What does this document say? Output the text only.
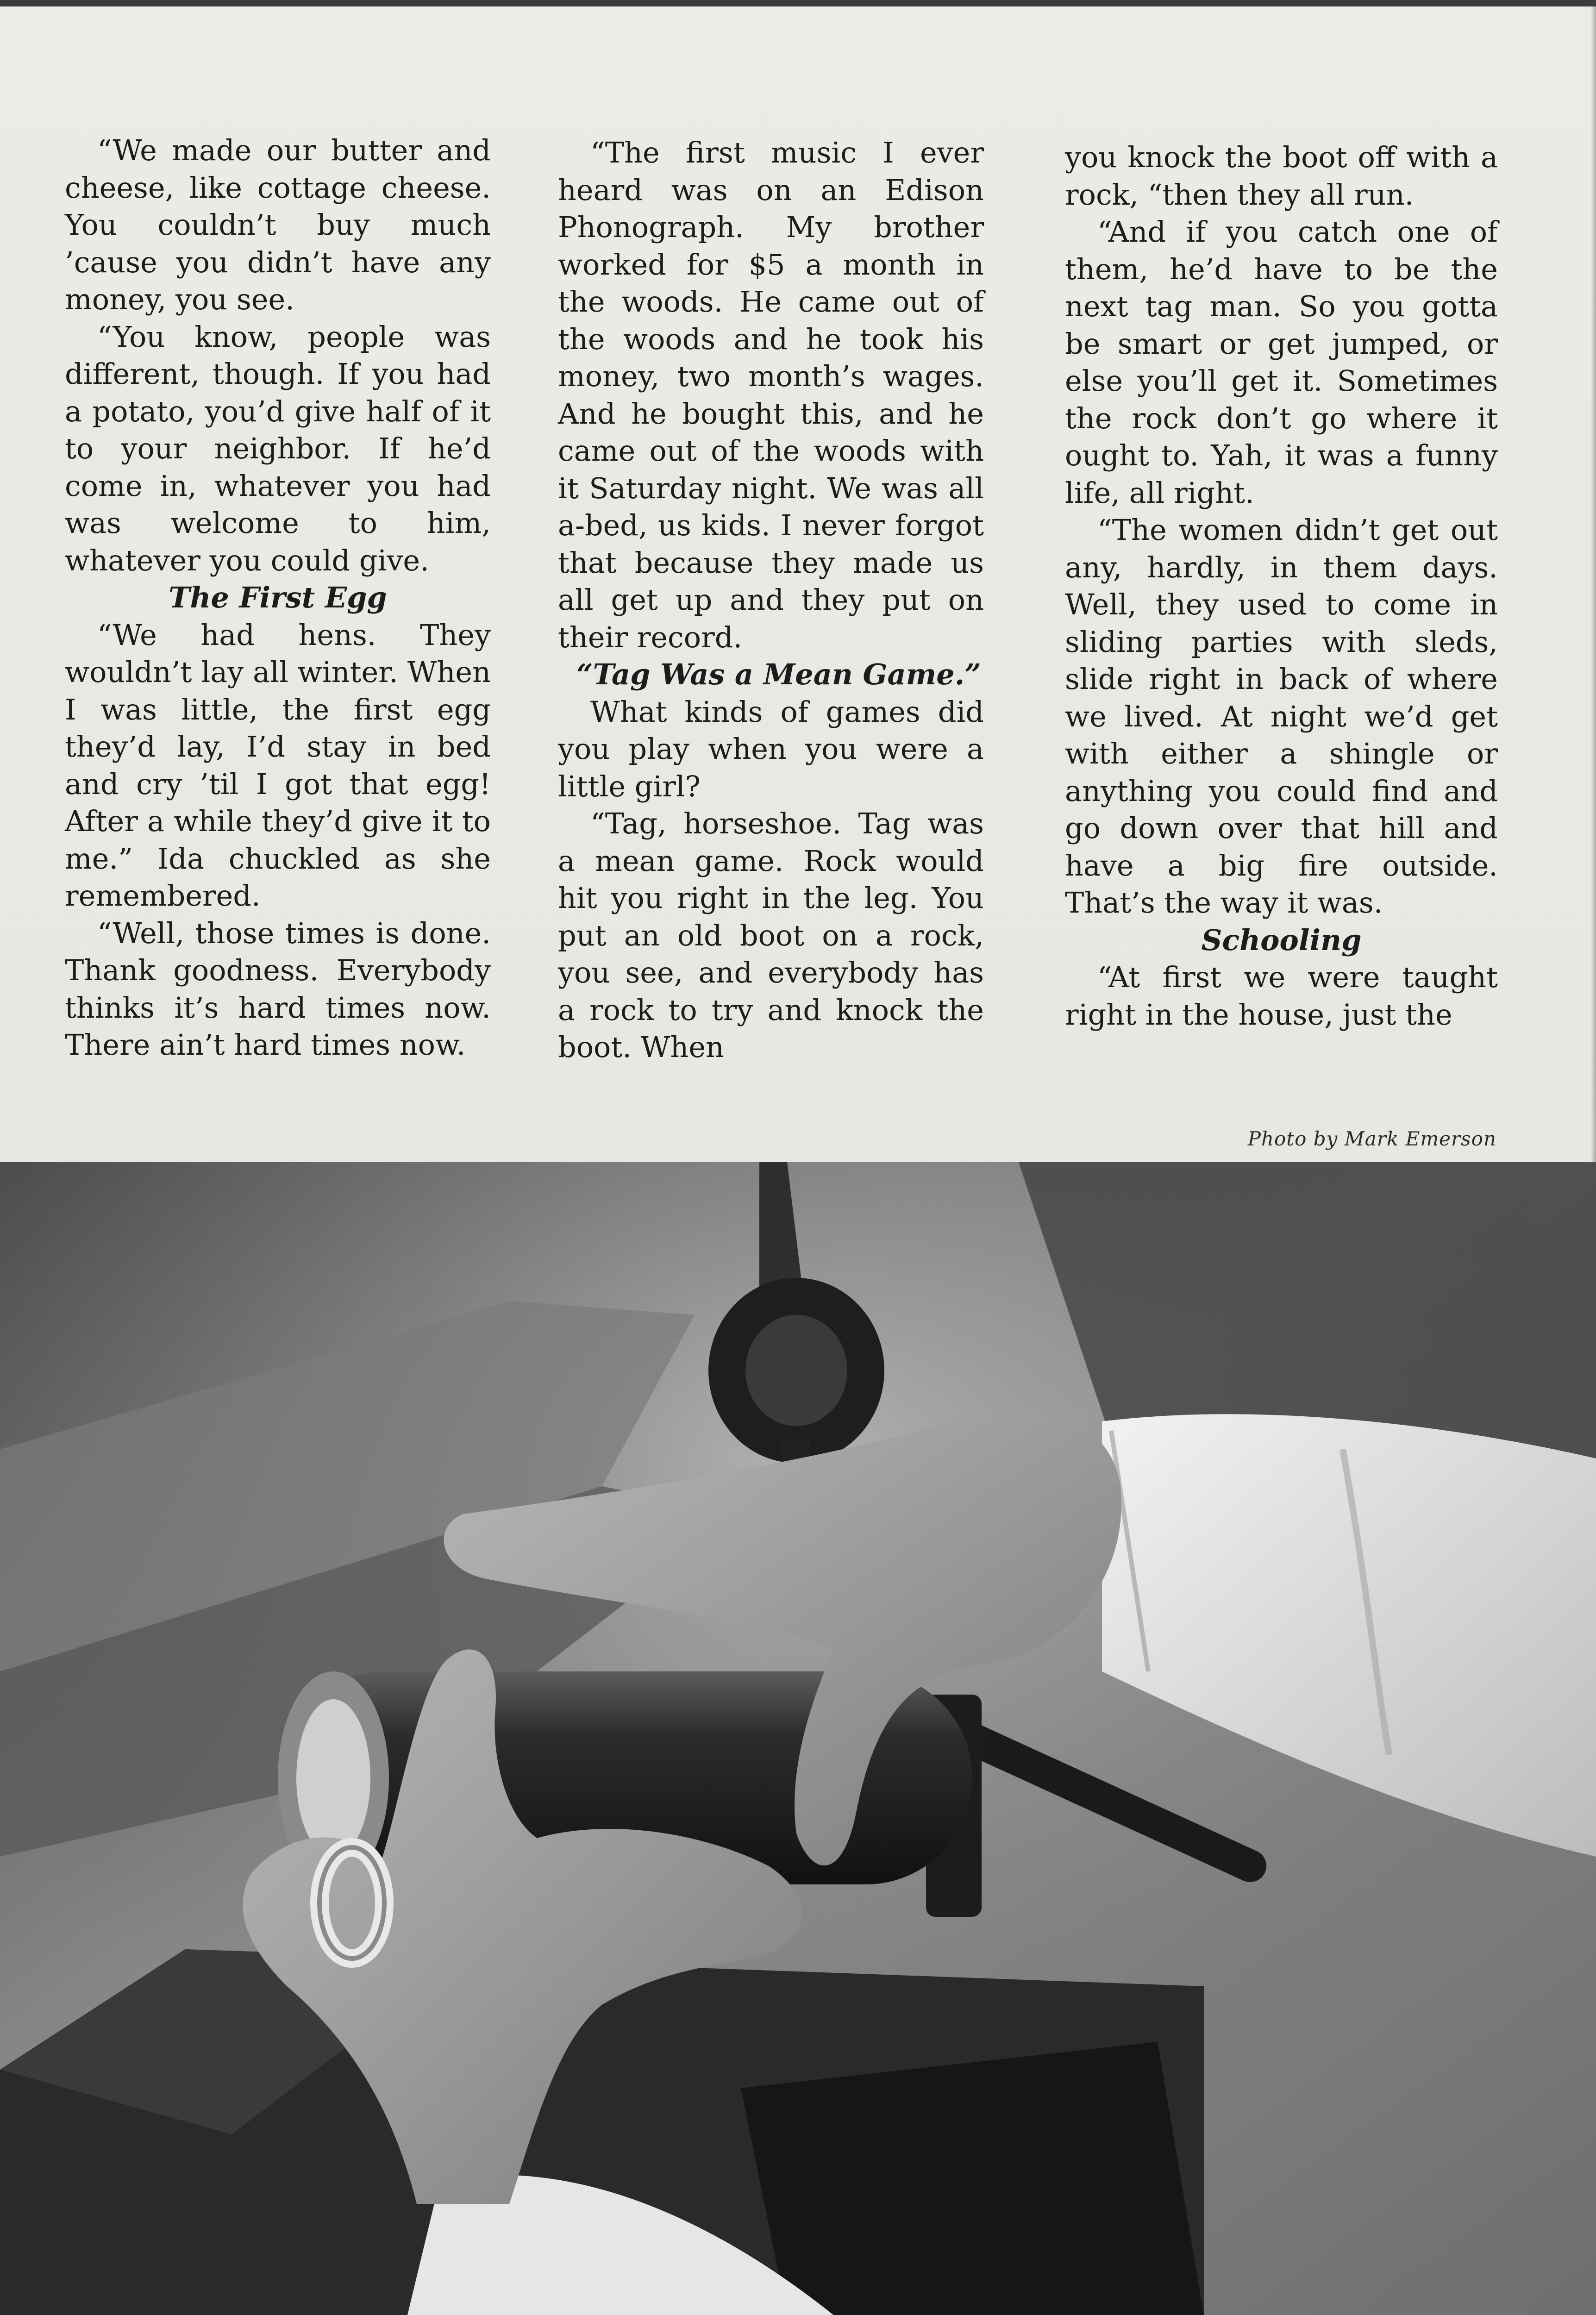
“We made our butter and cheese, like cottage cheese. You couldn’t buy much ’cause you didn’t have any money, you see.

“You know, people was different, though. If you had a potato, you’d give half of it to your neighbor. If he’d come in, whatever you had was welcome to him, whatever you could give.

The First Egg

“We had hens. They wouldn’t lay all winter. When I was little, the first egg they’d lay, I’d stay in bed and cry ’til I got that egg! After a while they’d give it to me.” Ida chuckled as she remembered.

“Well, those times is done. Thank goodness. Everybody thinks it’s hard times now. There ain’t hard times now.

“The first music I ever heard was on an Edison Phonograph. My brother worked for $5 a month in the woods. He came out of the woods and he took his money, two month’s wages. And he bought this, and he came out of the woods with it Saturday night. We was all a-bed, us kids. I never forgot that because they made us all get up and they put on their record.

“Tag Was a Mean Game.”

What kinds of games did you play when you were a little girl?

“Tag, horseshoe. Tag was a mean game. Rock would hit you right in the leg. You put an old boot on a rock, you see, and everybody has a rock to try and knock the boot. When

you knock the boot off with a rock, “then they all run.

“And if you catch one of them, he’d have to be the next tag man. So you gotta be smart or get jumped, or else you’ll get it. Sometimes the rock don’t go where it ought to. Yah, it was a funny life, all right.

“The women didn’t get out any, hardly, in them days. Well, they used to come in sliding parties with sleds, slide right in back of where we lived. At night we’d get with either a shingle or anything you could find and go down over that hill and have a big fire outside. That’s the way it was.

Schooling

“At first we were taught right in the house, just the

Photo by Mark Emerson
